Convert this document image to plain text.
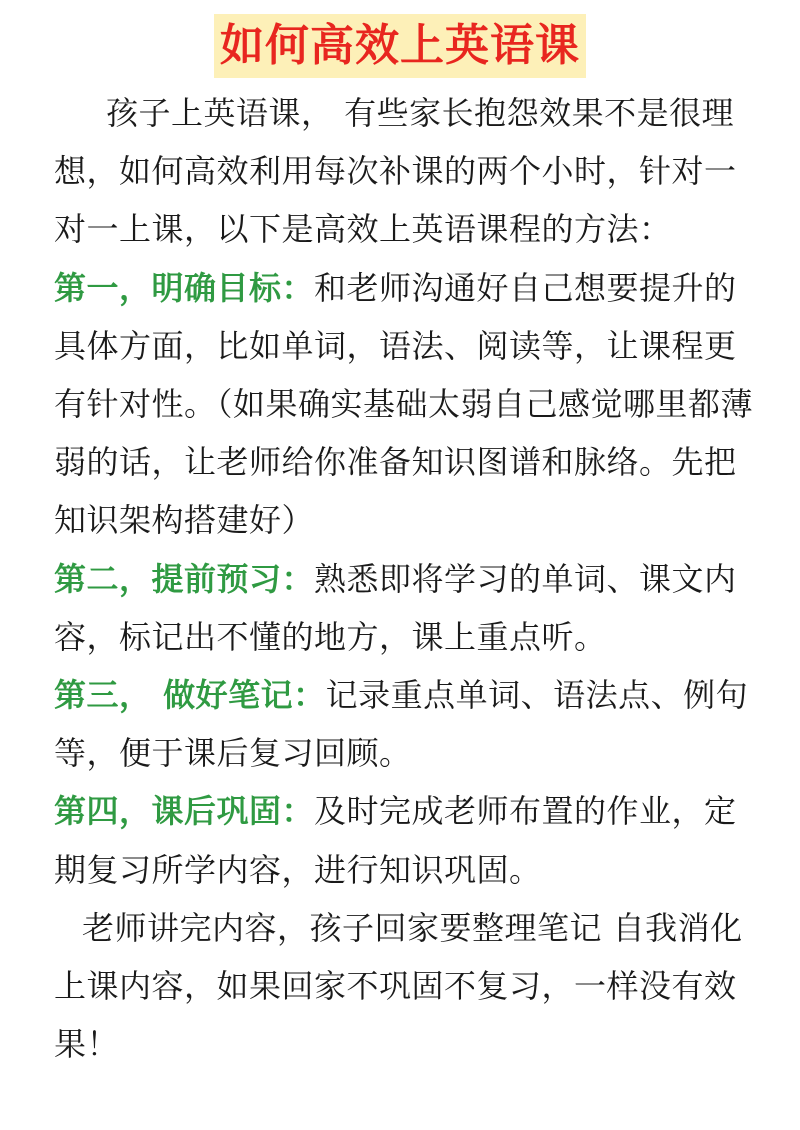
如何高效上英语课

孩子上英语课， 有些家长抱怨效果不是很理想，如何高效利用每次补课的两个小时，针对一对一上课，以下是高效上英语课程的方法：

第一，明确目标：和老师沟通好自己想要提升的具体方面，比如单词，语法、阅读等，让课程更有针对性。（如果确实基础太弱自己感觉哪里都薄弱的话，让老师给你准备知识图谱和脉络。先把知识架构搭建好）

第二，提前预习：熟悉即将学习的单词、课文内容，标记出不懂的地方，课上重点听。

第三， 做好笔记：记录重点单词、语法点、例句等，便于课后复习回顾。

第四，课后巩固：及时完成老师布置的作业，定期复习所学内容，进行知识巩固。

老师讲完内容，孩子回家要整理笔记 自我消化上课内容，如果回家不巩固不复习，一样没有效果！
